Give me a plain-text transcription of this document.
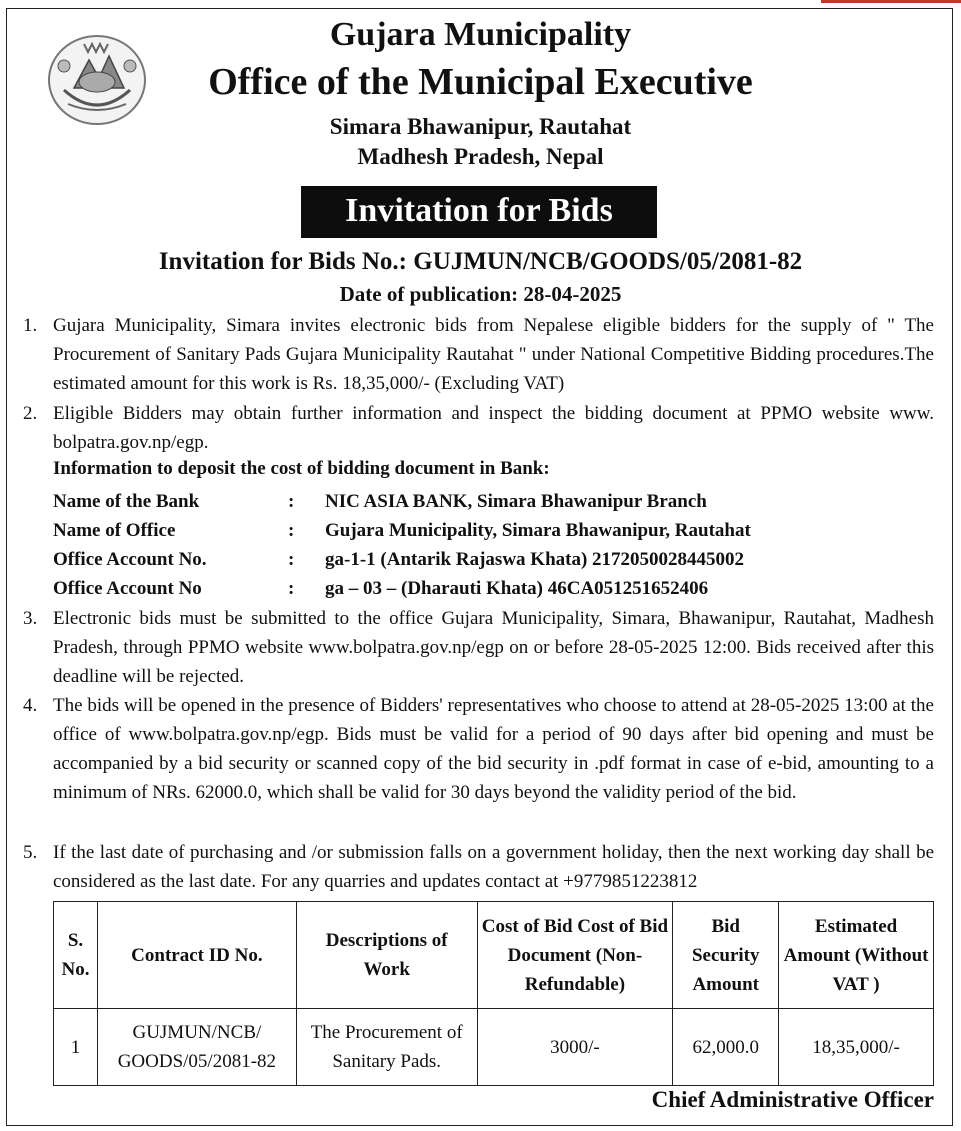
Gujara Municipality
Office of the Municipal Executive
Simara Bhawanipur, Rautahat
Madhesh Pradesh, Nepal
Invitation for Bids
Invitation for Bids No.: GUJMUN/NCB/GOODS/05/2081-82
Date of publication: 28-04-2025
1. Gujara Municipality, Simara invites electronic bids from Nepalese eligible bidders for the supply of " The Procurement of Sanitary Pads Gujara Municipality Rautahat " under National Competitive Bidding procedures.The estimated amount for this work is Rs. 18,35,000/- (Excluding VAT)
2. Eligible Bidders may obtain further information and inspect the bidding document at PPMO website www. bolpatra.gov.np/egp.
Information to deposit the cost of bidding document in Bank:
Name of the Bank	: NIC ASIA BANK, Simara Bhawanipur Branch
Name of Office	: Gujara Municipality, Simara Bhawanipur, Rautahat
Office Account No.	: ga-1-1 (Antarik Rajaswa Khata) 2172050028445002
Office Account No	: ga – 03 – (Dharauti Khata) 46CA051251652406
3. Electronic bids must be submitted to the office Gujara Municipality, Simara, Bhawanipur, Rautahat, Madhesh Pradesh, through PPMO website www.bolpatra.gov.np/egp on or before 28-05-2025 12:00. Bids received after this deadline will be rejected.
4. The bids will be opened in the presence of Bidders' representatives who choose to attend at 28-05-2025 13:00 at the office of www.bolpatra.gov.np/egp. Bids must be valid for a period of 90 days after bid opening and must be accompanied by a bid security or scanned copy of the bid security in .pdf format in case of e-bid, amounting to a minimum of NRs. 62000.0, which shall be valid for 30 days beyond the validity period of the bid.
5. If the last date of purchasing and /or submission falls on a government holiday, then the next working day shall be considered as the last date. For any quarries and updates contact at +9779851223812
S. No.	Contract ID No.	Descriptions of Work	Cost of Bid Cost of Bid Document (Non- Refundable)	Bid Security Amount	Estimated Amount (Without VAT )
1	GUJMUN/NCB/ GOODS/05/2081-82	The Procurement of Sanitary Pads.	3000/-	62,000.0	18,35,000/-
Chief Administrative Officer
